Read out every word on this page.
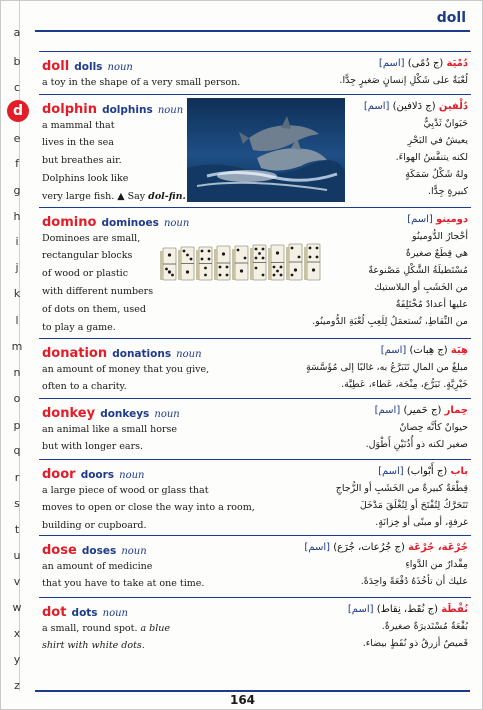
doll
a
b
c
d
e
f
g
h
i
j
k
l
m
n
o
p
q
r
s
t
u
v
w
x
y
z
doll dolls noun
a toy in the shape of a very small person.
دُمْيَة (ج دُمًى) [اسم]
لُعْبَةٌ على شَكْلِ إنسانٍ صَغيرٍ جِدًّا.
dolphin dolphins noun
a mammal that
lives in the sea
but breathes air.
Dolphins look like
very large fish. ▲ Say dol-fin.
دُلْفين (ج دَلافين) [اسم]
حَيَوانٌ ثَدْيِيٌّ
يعيشُ في البَحْرِ
لكنه يتنفَّسُ الهواءَ.
ولهُ شَكْلُ سَمَكَةٍ
كبيرةٍ جِدًّا.
domino dominoes noun
Dominoes are small,
rectangular blocks
of wood or plastic
with different numbers
of dots on them, used
to play a game.
دومينو [اسم]
أحْجارُ الدُّومينُو
هي قِطَعٌ صغيرةٌ
مُسْتَطيلَةُ الشَّكْلِ مَصْنوعةٌ
من الخَشَبِ أو البلاستيك
عليها أعدادٌ مُخْتَلِفَةٌ
من النِّقاطِ، تُستعمَلُ لِلَعِبِ لُعْبَةِ الدُّومينُو.
donation donations noun
an amount of money that you give,
often to a charity.
هِبَة (ج هِبات) [اسم]
مبلغٌ من المالِ تَتَبَرَّعُ به، غالبًا إلى مُؤَسَّسَةٍ
خَيْرِيَّةٍ. تَبَرُّع، مِنْحَة، عَطاء، عَطِيَّة.
donkey donkeys noun
an animal like a small horse
but with longer ears.
حِمار (ج حَمير) [اسم]
حيوانٌ كأنَّه حِصانٌ
صغير لكنه ذو أُذُنَيْنِ أَطْوَل.
door doors noun
a large piece of wood or glass that
moves to open or close the way into a room,
building or cupboard.
باب (ج أَبْواب) [اسم]
قِطْعَةٌ كبيرةٌ من الخَشَبِ أو الزُّجاجِ
تَتَحَرَّكُ لِتُفْتَحَ أو لِتُغْلَقَ مَدْخَلَ
غرفةٍ، أو مبنًى أو خِزانَةٍ.
dose doses noun
an amount of medicine
that you have to take at one time.
جُرْعَة، جُرْعَة (ج جُرُعات، جُرَع) [اسم]
مِقْدارٌ من الدَّواءِ
عليك أن تأخُذَهُ دُفْعَةً واحِدَةً.
dot dots noun
a small, round spot. a blue
shirt with white dots.
نُقْطَة (ج نُقَط، نِقاط) [اسم]
بُقْعَةٌ مُسْتَديرَةٌ صغيرةٌ.
قَميصٌ أزرقُ ذو نُقَطٍ بيضاء.
164
